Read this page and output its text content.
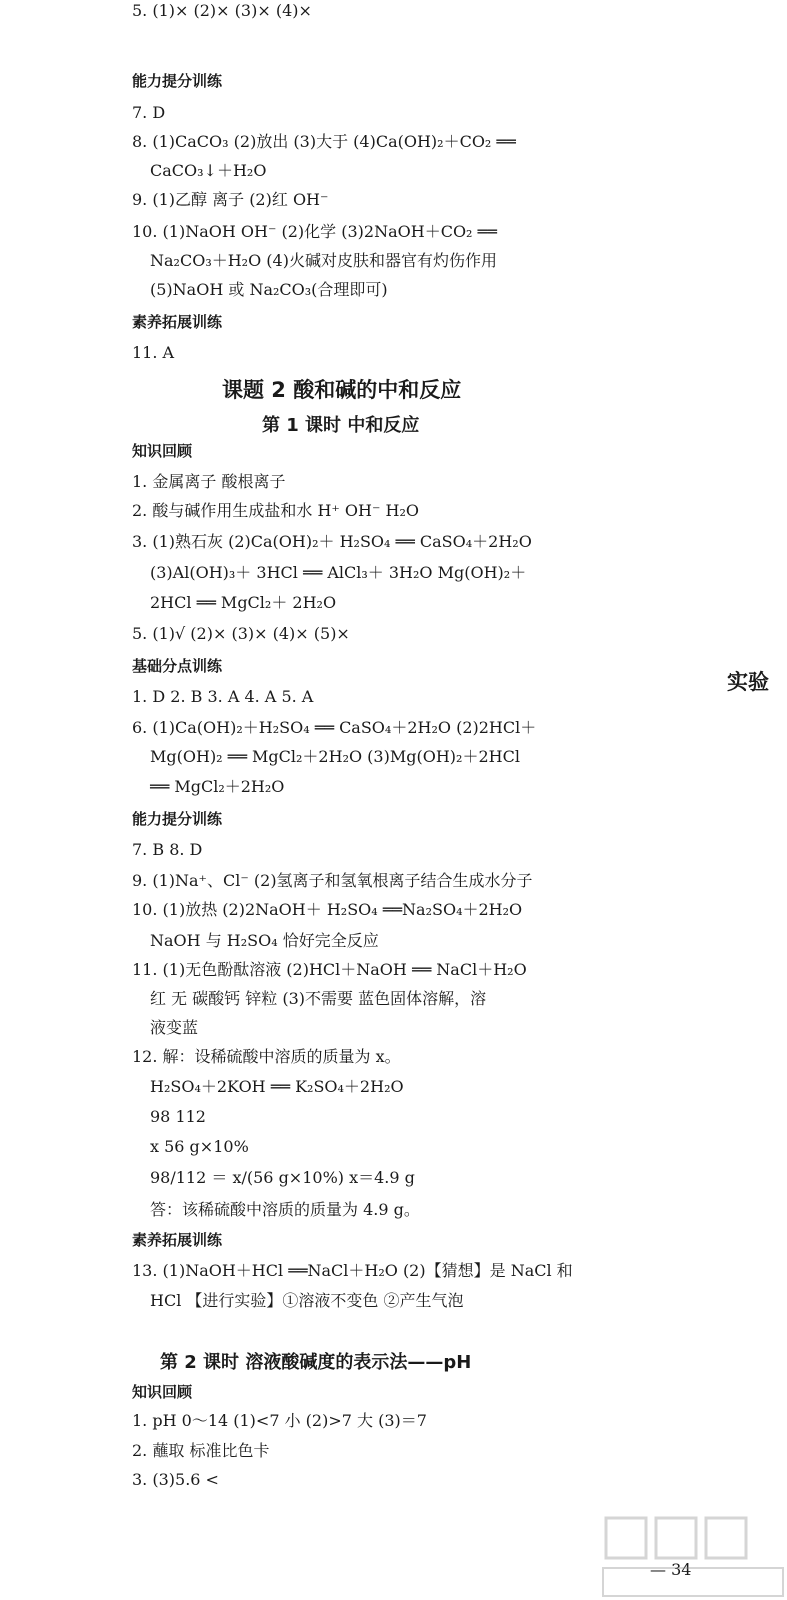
能力提分训练
7. D
8. (1)CaCO₃ (2)放出 (3)大于 (4)Ca(OH)₂＋CO₂ ══
CaCO₃↓＋H₂O
9. (1)乙醇 离子 (2)红 OH⁻
10. (1)NaOH OH⁻ (2)化学 (3)2NaOH＋CO₂ ══
Na₂CO₃＋H₂O (4)火碱对皮肤和器官有灼伤作用
(5)NaOH 或 Na₂CO₃(合理即可)
素养拓展训练
11. A
知识回顾
1. 金属离子 酸根离子
2. 酸与碱作用生成盐和水 H⁺ OH⁻ H₂O
3. (1)熟石灰 (2)Ca(OH)₂＋ H₂SO₄ ══ CaSO₄＋2H₂O
(3)Al(OH)₃＋ 3HCl ══ AlCl₃＋ 3H₂O Mg(OH)₂＋
2HCl ══ MgCl₂＋ 2H₂O
5. (1)√ (2)× (3)× (4)× (5)×
基础分点训练
1. D 2. B 3. A 4. A 5. A
6. (1)Ca(OH)₂＋H₂SO₄ ══ CaSO₄＋2H₂O (2)2HCl＋
Mg(OH)₂ ══ MgCl₂＋2H₂O (3)Mg(OH)₂＋2HCl
══ MgCl₂＋2H₂O
能力提分训练
7. B 8. D
9. (1)Na⁺、Cl⁻ (2)氢离子和氢氧根离子结合生成水分子
10. (1)放热 (2)2NaOH＋ H₂SO₄ ══Na₂SO₄＋2H₂O
NaOH 与 H₂SO₄ 恰好完全反应
11. (1)无色酚酞溶液 (2)HCl＋NaOH ══ NaCl＋H₂O
红 无 碳酸钙 锌粒 (3)不需要 蓝色固体溶解，溶
液变蓝
12. 解：设稀硫酸中溶质的质量为 x。
H₂SO₄＋2KOH ══ K₂SO₄＋2H₂O
98 112
x 56 g×10%
98/112 ＝ x/(56 g×10%) x＝4.9 g
答：该稀硫酸中溶质的质量为 4.9 g。
素养拓展训练
13. (1)NaOH＋HCl ══NaCl＋H₂O (2)【猜想】是 NaCl 和
HCl 【进行实验】①溶液不变色 ②产生气泡
知识回顾
1. pH 0～14 (1)<7 小 (2)>7 大 (3)＝7
2. 蘸取 标准比色卡
3. (3)5.6 <
5. (1)× (2)× (3)× (4)×
课题 2 酸和碱的中和反应
第 1 课时 中和反应
第 2 课时 溶液酸碱度的表示法——pH
实验
— 34
